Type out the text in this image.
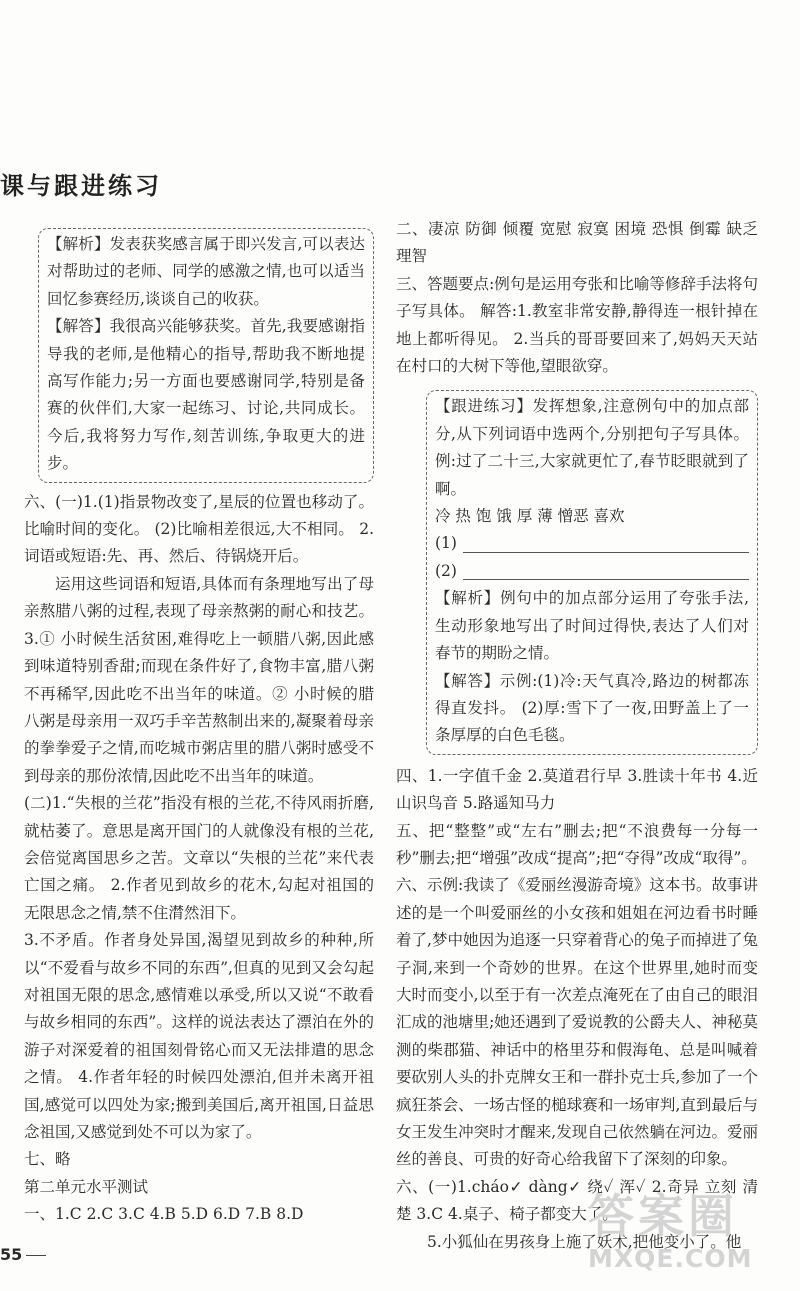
课与跟进练习

【解析】发表获奖感言属于即兴发言,可以表达对帮助过的老师、同学的感激之情,也可以适当回忆参赛经历,谈谈自己的收获。

【解答】我很高兴能够获奖。首先,我要感谢指导我的老师,是他精心的指导,帮助我不断地提高写作能力;另一方面也要感谢同学,特别是备赛的伙伴们,大家一起练习、讨论,共同成长。今后,我将努力写作,刻苦训练,争取更大的进步。

六、(一)1.(1)指景物改变了,星辰的位置也移动了。比喻时间的变化。 (2)比喻相差很远,大不相同。 2.词语或短语:先、再、然后、待锅烧开后。

运用这些词语和短语,具体而有条理地写出了母亲熬腊八粥的过程,表现了母亲熬粥的耐心和技艺。 3.① 小时候生活贫困,难得吃上一顿腊八粥,因此感到味道特别香甜;而现在条件好了,食物丰富,腊八粥不再稀罕,因此吃不出当年的味道。② 小时候的腊八粥是母亲用一双巧手辛苦熬制出来的,凝聚着母亲的拳拳爱子之情,而吃城市粥店里的腊八粥时感受不到母亲的那份浓情,因此吃不出当年的味道。

(二)1.“失根的兰花”指没有根的兰花,不待风雨折磨,就枯萎了。意思是离开国门的人就像没有根的兰花,会倍觉离国思乡之苦。文章以“失根的兰花”来代表亡国之痛。 2.作者见到故乡的花木,勾起对祖国的无限思念之情,禁不住潸然泪下。

3.不矛盾。作者身处异国,渴望见到故乡的种种,所以“不爱看与故乡不同的东西”,但真的见到又会勾起对祖国无限的思念,感情难以承受,所以又说“不敢看与故乡相同的东西”。这样的说法表达了漂泊在外的游子对深爱着的祖国刻骨铭心而又无法排遣的思念之情。 4.作者年轻的时候四处漂泊,但并未离开祖国,感觉可以四处为家;搬到美国后,离开祖国,日益思念祖国,又感觉到处不可以为家了。

七、略

第二单元水平测试

一、1.C 2.C 3.C 4.B 5.D 6.D 7.B 8.D

二、凄凉 防御 倾覆 宽慰 寂寞 困境 恐惧 倒霉 缺乏 理智

三、答题要点:例句是运用夸张和比喻等修辞手法将句子写具体。 解答:1.教室非常安静,静得连一根针掉在地上都听得见。 2.当兵的哥哥要回来了,妈妈天天站在村口的大树下等他,望眼欲穿。

【跟进练习】发挥想象,注意例句中的加点部分,从下列词语中选两个,分别把句子写具体。例:过了二十三,大家就更忙了,春节眨眼就到了啊。

冷 热 饱 饿 厚 薄 憎恶 喜欢

(1)
(2)

【解析】例句中的加点部分运用了夸张手法,生动形象地写出了时间过得快,表达了人们对春节的期盼之情。

【解答】示例:(1)冷:天气真冷,路边的树都冻得直发抖。 (2)厚:雪下了一夜,田野盖上了一条厚厚的白色毛毯。

四、1.一字值千金 2.莫道君行早 3.胜读十年书 4.近山识鸟音 5.路遥知马力

五、把“整整”或“左右”删去;把“不浪费每一分每一秒”删去;把“增强”改成“提高”;把“夺得”改成“取得”。

六、示例:我读了《爱丽丝漫游奇境》这本书。故事讲述的是一个叫爱丽丝的小女孩和姐姐在河边看书时睡着了,梦中她因为追逐一只穿着背心的兔子而掉进了兔子洞,来到一个奇妙的世界。在这个世界里,她时而变大时而变小,以至于有一次差点淹死在了由自己的眼泪汇成的池塘里;她还遇到了爱说教的公爵夫人、神秘莫测的柴郡猫、神话中的格里芬和假海龟、总是叫喊着要砍别人头的扑克牌女王和一群扑克士兵,参加了一个疯狂茶会、一场古怪的槌球赛和一场审判,直到最后与女王发生冲突时才醒来,发现自己依然躺在河边。爱丽丝的善良、可贵的好奇心给我留下了深刻的印象。

六、(一)1.cháo✓ dàng✓ 绕✓ 浑✓ 2.奇异 立刻 清楚 3.C 4.桌子、椅子都变大了。

5.小狐仙在男孩身上施了妖术,把他变小了。他

55
答案圈
MXQE.COM
